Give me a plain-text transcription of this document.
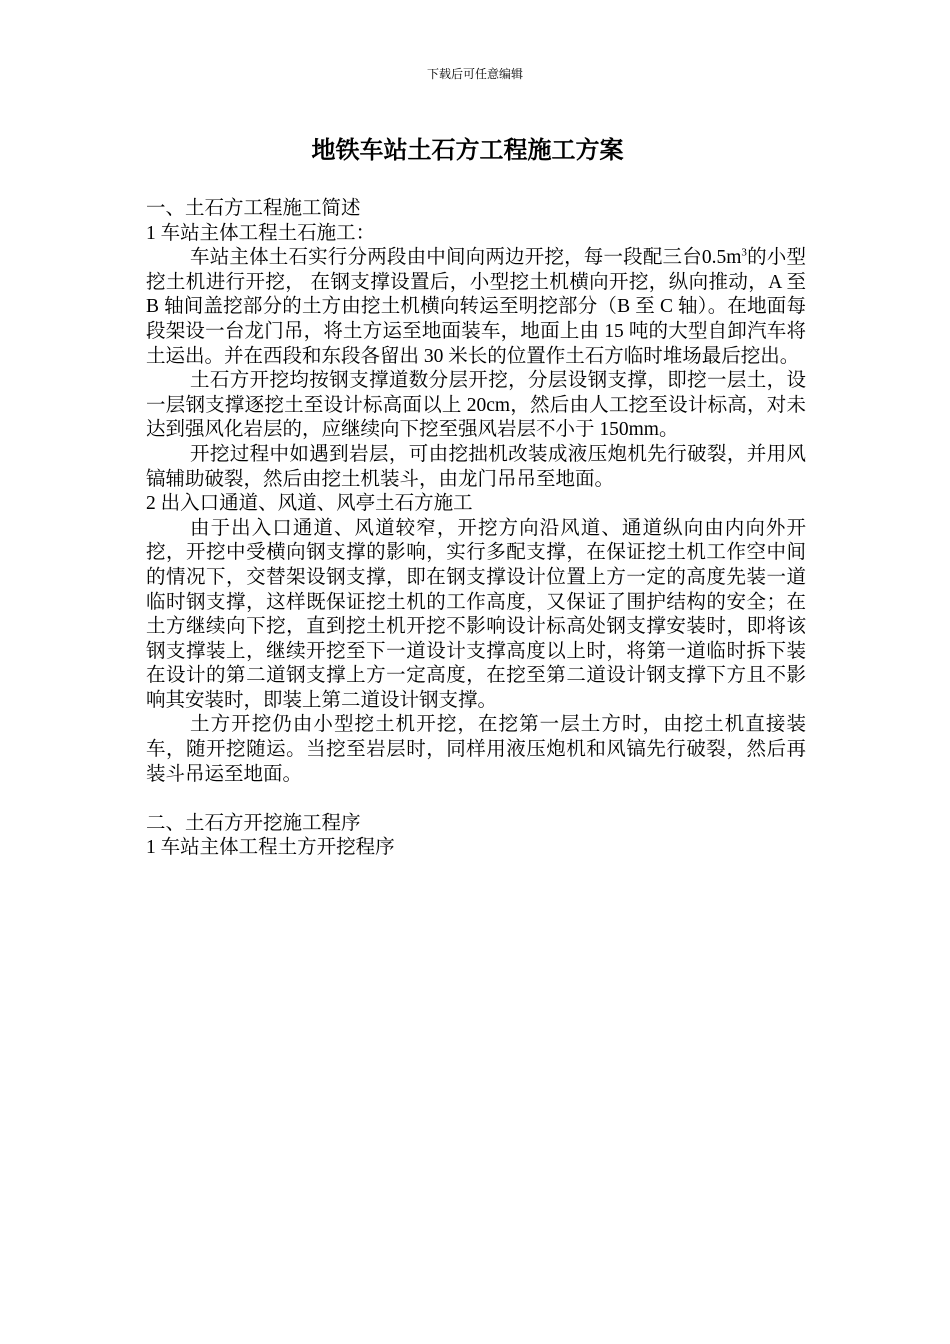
下载后可任意编辑
地铁车站土石方工程施工方案

一、土石方工程施工简述

1 车站主体工程土石施工：

车站主体土石实行分两段由中间向两边开挖，每一段配三台$0.5m^3$的小型挖土机进行开挖， 在钢支撑设置后，小型挖土机横向开挖，纵向推动，A 至 B 轴间盖挖部分的土方由挖土机横向转运至明挖部分（B 至 C 轴）。在地面每段架设一台龙门吊，将土方运至地面装车，地面上由 15 吨的大型自卸汽车将土运出。并在西段和东段各留出 30 米长的位置作土石方临时堆场最后挖出。

土石方开挖均按钢支撑道数分层开挖，分层设钢支撑，即挖一层土，设一层钢支撑逐挖土至设计标高面以上 20cm，然后由人工挖至设计标高，对未达到强风化岩层的，应继续向下挖至强风岩层不小于 150mm。

开挖过程中如遇到岩层，可由挖拙机改装成液压炮机先行破裂，并用风镐辅助破裂，然后由挖土机装斗，由龙门吊吊至地面。

2 出入口通道、风道、风亭土石方施工

由于出入口通道、风道较窄，开挖方向沿风道、通道纵向由内向外开挖，开挖中受横向钢支撑的影响，实行多配支撑，在保证挖土机工作空中间的情况下，交替架设钢支撑，即在钢支撑设计位置上方一定的高度先装一道临时钢支撑，这样既保证挖土机的工作高度，又保证了围护结构的安全；在土方继续向下挖，直到挖土机开挖不影响设计标高处钢支撑安装时，即将该钢支撑装上，继续开挖至下一道设计支撑高度以上时，将第一道临时拆下装在设计的第二道钢支撑上方一定高度，在挖至第二道设计钢支撑下方且不影响其安装时，即装上第二道设计钢支撑。

土方开挖仍由小型挖土机开挖，在挖第一层土方时，由挖土机直接装车，随开挖随运。当挖至岩层时，同样用液压炮机和风镐先行破裂，然后再装斗吊运至地面。

二、土石方开挖施工程序

1 车站主体工程土方开挖程序
